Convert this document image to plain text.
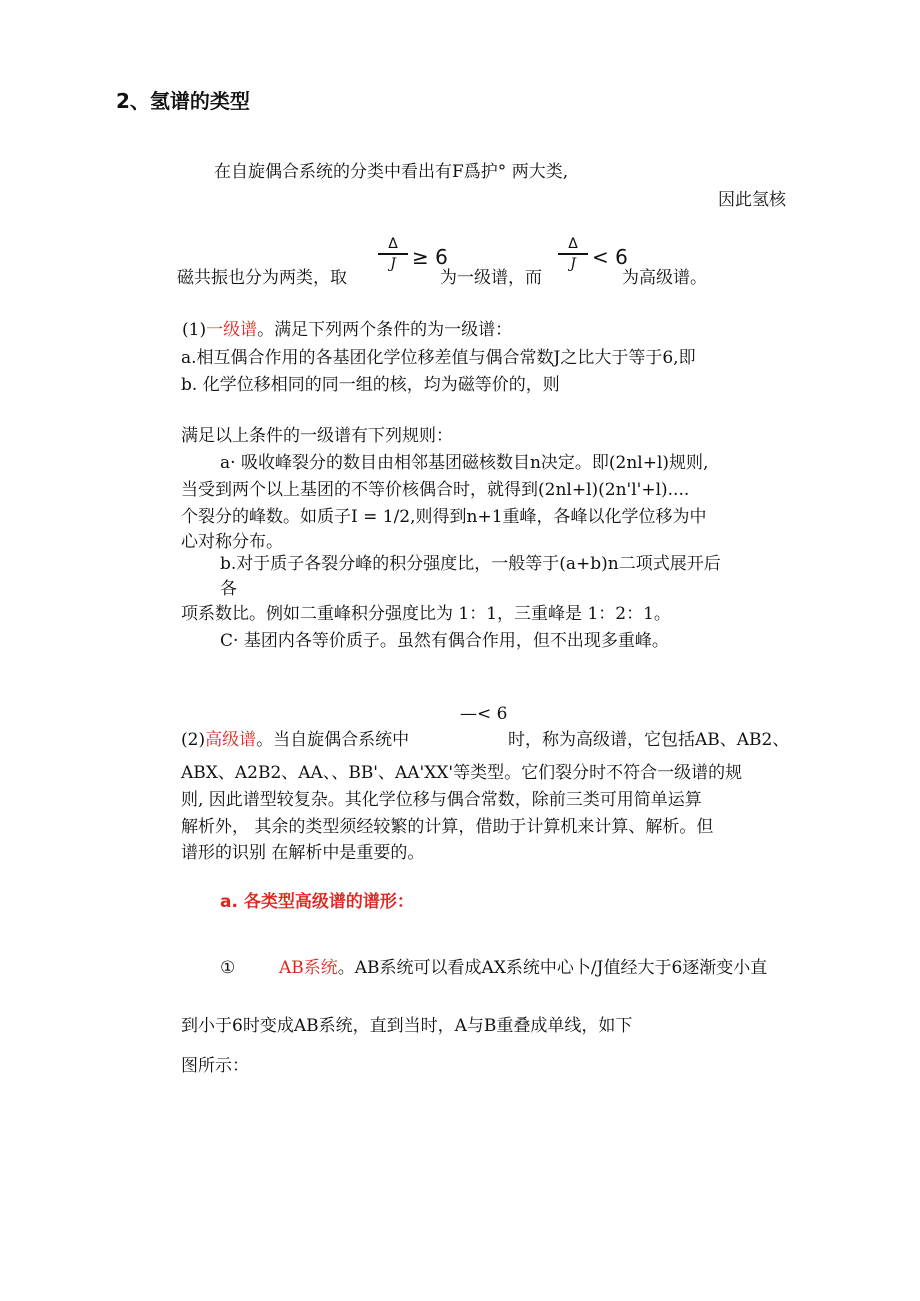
2、氢谱的类型
在自旋偶合系统的分类中看出有F爲护° 两大类,
因此氢核
Δ
J ≥ 6
Δ
J < 6
磁共振也分为两类，取	为一级谱，而	为高级谱。
(1)一级谱。满足下列两个条件的为一级谱：
a.相互偶合作用的各基团化学位移差值与偶合常数J之比大于等于6,即
b. 化学位移相同的同一组的核，均为磁等价的，则
满足以上条件的一级谱有下列规则：
a· 吸收峰裂分的数目由相邻基团磁核数目n决定。即(2nl+l)规则,
当受到两个以上基团的不等价核偶合时，就得到(2nl+l)(2n'l'+l)....
个裂分的峰数。如质子I = 1/2,则得到n+1重峰，各峰以化学位移为中
心对称分布。
b.对于质子各裂分峰的积分强度比，一般等于(a+b)n二项式展开后
各
项系数比。例如二重峰积分强度比为 1：1，三重峰是 1：2：1。
C· 基团内各等价质子。虽然有偶合作用，但不出现多重峰。
—< 6
(2)高级谱。当自旋偶合系统中	时，称为高级谱，它包括AB、AB2、
ABX、A2B2、AA、、BB'、AA'XX'等类型。它们裂分时不符合一级谱的规
则, 因此谱型较复杂。其化学位移与偶合常数，除前三类可用简单运算
解析外， 其余的类型须经较繁的计算，借助于计算机来计算、解析。但
谱形的识别 在解析中是重要的。
a. 各类型高级谱的谱形：
①	AB系统。AB系统可以看成AX系统中心卜/J值经大于6逐渐变小直
到小于6时变成AB系统，直到当时，A与B重叠成单线，如下
图所示：
